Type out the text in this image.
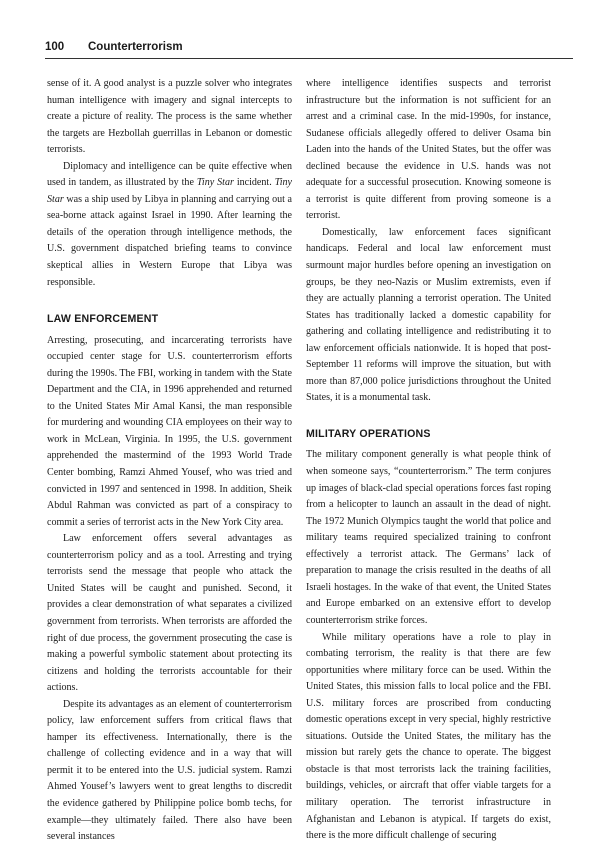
100 Counterterrorism

sense of it. A good analyst is a puzzle solver who integrates human intelligence with imagery and signal intercepts to create a picture of reality. The process is the same whether the targets are Hezbollah guerrillas in Lebanon or domestic terrorists.

Diplomacy and intelligence can be quite effective when used in tandem, as illustrated by the Tiny Star incident. Tiny Star was a ship used by Libya in planning and carrying out a sea-borne attack against Israel in 1990. After learning the details of the operation through intelligence methods, the U.S. government dispatched briefing teams to convince skeptical allies in Western Europe that Libya was responsible.

LAW ENFORCEMENT

Arresting, prosecuting, and incarcerating terrorists have occupied center stage for U.S. counterterrorism efforts during the 1990s. The FBI, working in tandem with the State Department and the CIA, in 1996 apprehended and returned to the United States Mir Amal Kansi, the man responsible for murdering and wounding CIA employees on their way to work in McLean, Virginia. In 1995, the U.S. government apprehended the mastermind of the 1993 World Trade Center bombing, Ramzi Ahmed Yousef, who was tried and convicted in 1997 and sentenced in 1998. In addition, Sheik Abdul Rahman was convicted as part of a conspiracy to commit a series of terrorist acts in the New York City area.

Law enforcement offers several advantages as counterterrorism policy and as a tool. Arresting and trying terrorists send the message that people who attack the United States will be caught and punished. Second, it provides a clear demonstration of what separates a civilized government from terrorists. When terrorists are afforded the right of due process, the government prosecuting the case is making a powerful symbolic statement about protecting its citizens and holding the terrorists accountable for their actions.

Despite its advantages as an element of counterterrorism policy, law enforcement suffers from critical flaws that hamper its effectiveness. Internationally, there is the challenge of collecting evidence and in a way that will permit it to be entered into the U.S. judicial system. Ramzi Ahmed Yousef’s lawyers went to great lengths to discredit the evidence gathered by Philippine police bomb techs, for example—they ultimately failed. There also have been several instances

where intelligence identifies suspects and terrorist infrastructure but the information is not sufficient for an arrest and a criminal case. In the mid-1990s, for instance, Sudanese officials allegedly offered to deliver Osama bin Laden into the hands of the United States, but the offer was declined because the evidence in U.S. hands was not adequate for a successful prosecution. Knowing someone is a terrorist is quite different from proving someone is a terrorist.

Domestically, law enforcement faces significant handicaps. Federal and local law enforcement must surmount major hurdles before opening an investigation on groups, be they neo-Nazis or Muslim extremists, even if they are actually planning a terrorist operation. The United States has traditionally lacked a domestic capability for gathering and collating intelligence and redistributing it to law enforcement officials nationwide. It is hoped that post-September 11 reforms will improve the situation, but with more than 87,000 police jurisdictions throughout the United States, it is a monumental task.

MILITARY OPERATIONS

The military component generally is what people think of when someone says, “counterterrorism.” The term conjures up images of black-clad special operations forces fast roping from a helicopter to launch an assault in the dead of night. The 1972 Munich Olympics taught the world that police and military teams required specialized training to confront effectively a terrorist attack. The Germans’ lack of preparation to manage the crisis resulted in the deaths of all Israeli hostages. In the wake of that event, the United States and Europe embarked on an extensive effort to develop counterterrorism strike forces.

While military operations have a role to play in combating terrorism, the reality is that there are few opportunities where military force can be used. Within the United States, this mission falls to local police and the FBI. U.S. military forces are proscribed from conducting domestic operations except in very special, highly restrictive situations. Outside the United States, the military has the mission but rarely gets the chance to operate. The biggest obstacle is that most terrorists lack the training facilities, buildings, vehicles, or aircraft that offer viable targets for a military operation. The terrorist infrastructure in Afghanistan and Lebanon is atypical. If targets do exist, there is the more difficult challenge of securing
